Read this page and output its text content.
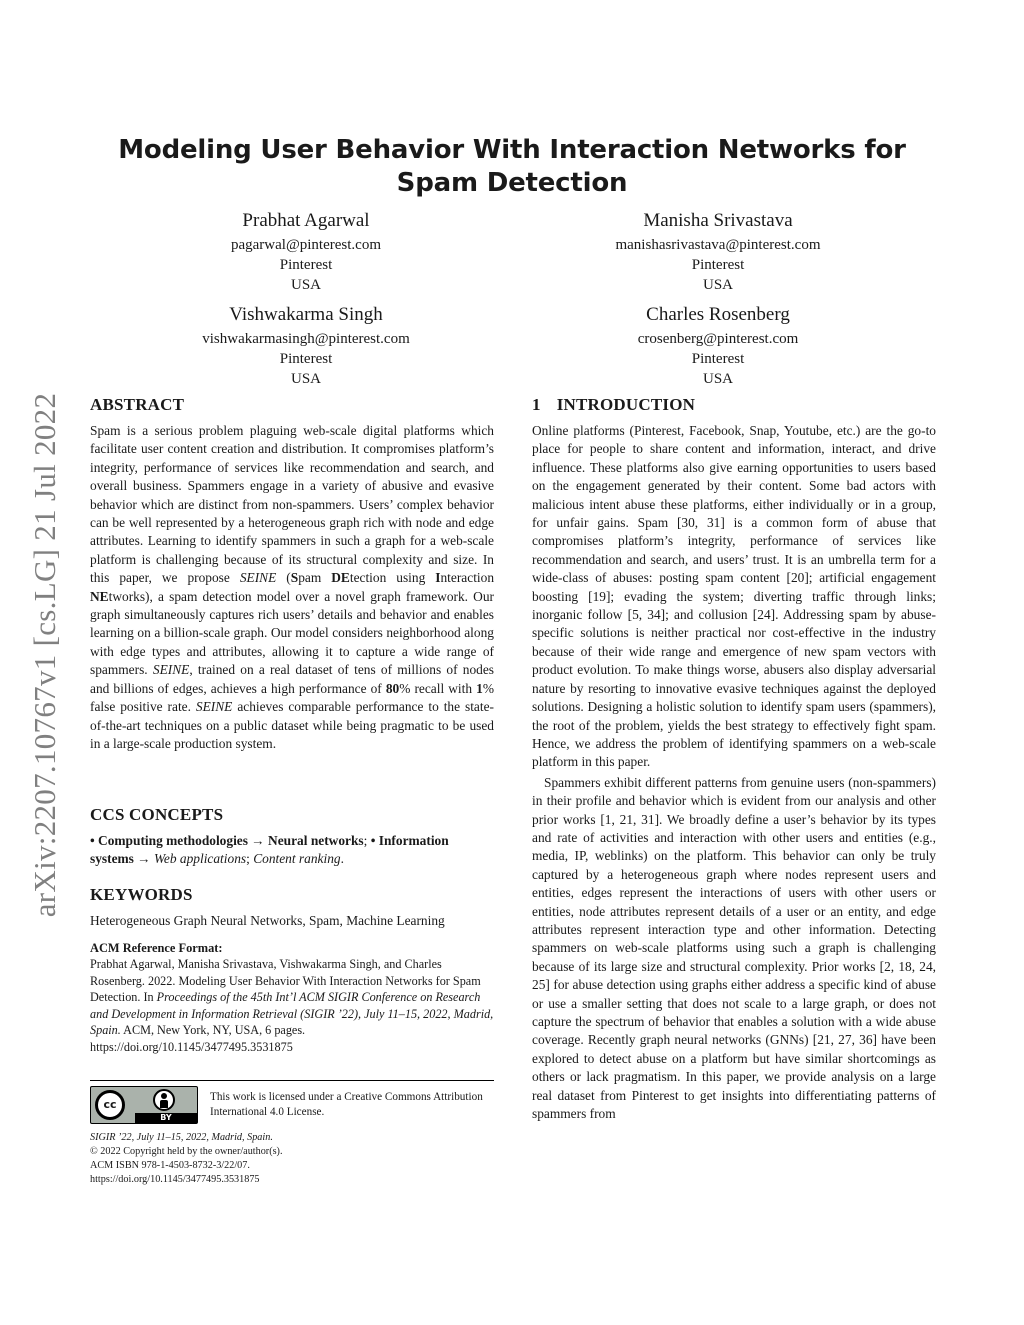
arXiv:2207.10767v1 [cs.LG] 21 Jul 2022
Modeling User Behavior With Interaction Networks for Spam Detection
Prabhat Agarwal
pagarwal@pinterest.com
Pinterest
USA
Manisha Srivastava
manishasrivastava@pinterest.com
Pinterest
USA
Vishwakarma Singh
vishwakarmasingh@pinterest.com
Pinterest
USA
Charles Rosenberg
crosenberg@pinterest.com
Pinterest
USA
ABSTRACT

Spam is a serious problem plaguing web-scale digital platforms which facilitate user content creation and distribution. It compromises platform’s integrity, performance of services like recommendation and search, and overall business. Spammers engage in a variety of abusive and evasive behavior which are distinct from non-spammers. Users’ complex behavior can be well represented by a heterogeneous graph rich with node and edge attributes. Learning to identify spammers in such a graph for a web-scale platform is challenging because of its structural complexity and size. In this paper, we propose SEINE (Spam DEtection using Interaction NEtworks), a spam detection model over a novel graph framework. Our graph simultaneously captures rich users’ details and behavior and enables learning on a billion-scale graph. Our model considers neighborhood along with edge types and attributes, allowing it to capture a wide range of spammers. SEINE, trained on a real dataset of tens of millions of nodes and billions of edges, achieves a high performance of 80% recall with 1% false positive rate. SEINE achieves comparable performance to the state-of-the-art techniques on a public dataset while being pragmatic to be used in a large-scale production system.

CCS CONCEPTS

• Computing methodologies → Neural networks; • Information systems → Web applications; Content ranking.

KEYWORDS

Heterogeneous Graph Neural Networks, Spam, Machine Learning

ACM Reference Format:

Prabhat Agarwal, Manisha Srivastava, Vishwakarma Singh, and Charles Rosenberg. 2022. Modeling User Behavior With Interaction Networks for Spam Detection. In Proceedings of the 45th Int’l ACM SIGIR Conference on Research and Development in Information Retrieval (SIGIR ’22), July 11–15, 2022, Madrid, Spain. ACM, New York, NY, USA, 6 pages. https://doi.org/10.1145/3477495.3531875

cc
BY
This work is licensed under a Creative Commons Attribution International 4.0 License.
SIGIR ’22, July 11–15, 2022, Madrid, Spain.
© 2022 Copyright held by the owner/author(s).
ACM ISBN 978-1-4503-8732-3/22/07.
https://doi.org/10.1145/3477495.3531875
1 INTRODUCTION

Online platforms (Pinterest, Facebook, Snap, Youtube, etc.) are the go-to place for people to share content and information, interact, and drive influence. These platforms also give earning opportunities to users based on the engagement generated by their content. Some bad actors with malicious intent abuse these platforms, either individually or in a group, for unfair gains. Spam [30, 31] is a common form of abuse that compromises platform’s integrity, performance of services like recommendation and search, and users’ trust. It is an umbrella term for a wide-class of abuses: posting spam content [20]; artificial engagement boosting [19]; evading the system; diverting traffic through links; inorganic follow [5, 34]; and collusion [24]. Addressing spam by abuse-specific solutions is neither practical nor cost-effective in the industry because of their wide range and emergence of new spam vectors with product evolution. To make things worse, abusers also display adversarial nature by resorting to innovative evasive techniques against the deployed solutions. Designing a holistic solution to identify spam users (spammers), the root of the problem, yields the best strategy to effectively fight spam. Hence, we address the problem of identifying spammers on a web-scale platform in this paper.

Spammers exhibit different patterns from genuine users (non-spammers) in their profile and behavior which is evident from our analysis and other prior works [1, 21, 31]. We broadly define a user’s behavior by its types and rate of activities and interaction with other users and entities (e.g., media, IP, weblinks) on the platform. This behavior can only be truly captured by a heterogeneous graph where nodes represent users and entities, edges represent the interactions of users with other users or entities, node attributes represent details of a user or an entity, and edge attributes represent interaction type and other information. Detecting spammers on web-scale platforms using such a graph is challenging because of its large size and structural complexity. Prior works [2, 18, 24, 25] for abuse detection using graphs either address a specific kind of abuse or use a smaller setting that does not scale to a large graph, or does not capture the spectrum of behavior that enables a solution with a wide abuse coverage. Recently graph neural networks (GNNs) [21, 27, 36] have been explored to detect abuse on a platform but have similar shortcomings as others or lack pragmatism. In this paper, we provide analysis on a large real dataset from Pinterest to get insights into differentiating patterns of spammers from
